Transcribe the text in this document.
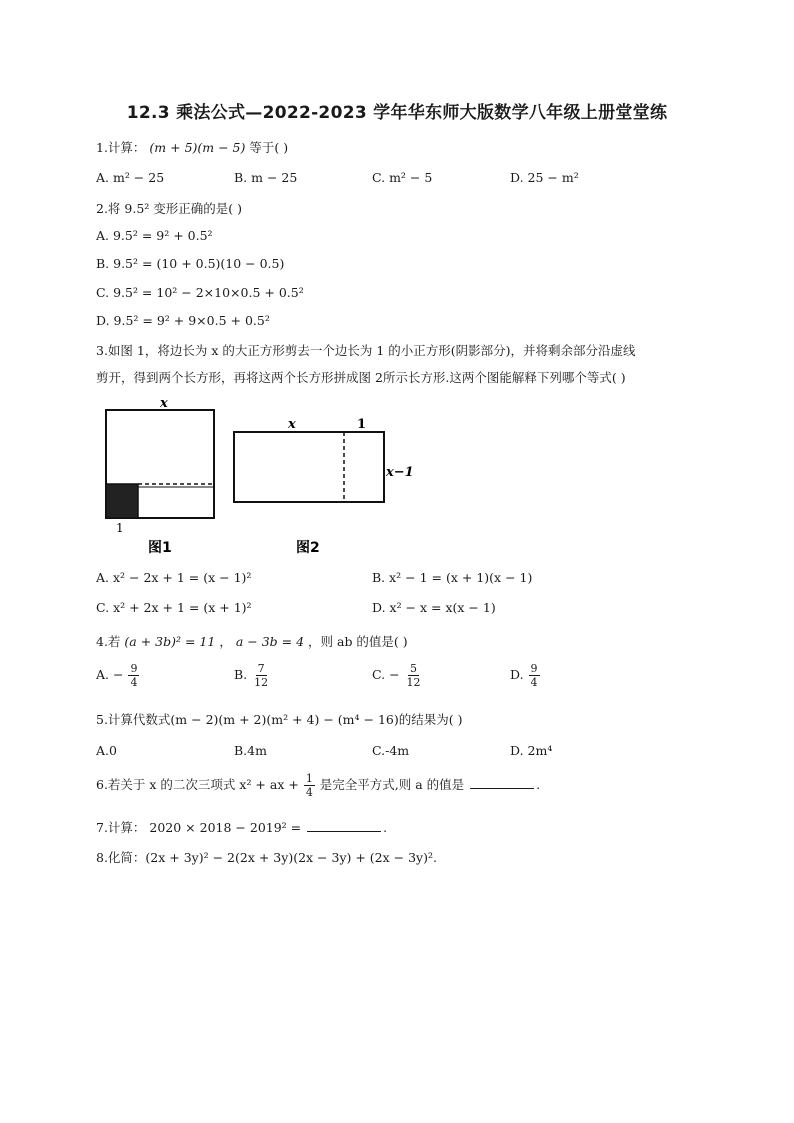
12.3 乘法公式—2022-2023 学年华东师大版数学八年级上册堂堂练
1.计算： (m + 5)(m − 5) 等于( )
A. m² − 25	B. m − 25	C. m² − 5	D. 25 − m²
2.将 9.5² 变形正确的是( )
A. 9.5² = 9² + 0.5²
B. 9.5² = (10 + 0.5)(10 − 0.5)
C. 9.5² = 10² − 2×10×0.5 + 0.5²
D. 9.5² = 9² + 9×0.5 + 0.5²
3.如图 1，将边长为 x 的大正方形剪去一个边长为 1 的小正方形(阴影部分)，并将剩余部分沿虚线
剪开，得到两个长方形，再将这两个长方形拼成图 2所示长方形.这两个图能解释下列哪个等式( )
x
1
图1
x	1
x−1
图2
A. x² − 2x + 1 = (x − 1)²	B. x² − 1 = (x + 1)(x − 1)
C. x² + 2x + 1 = (x + 1)²	D. x² − x = x(x − 1)
4.若 (a + 3b)² = 11 ， a − 3b = 4 ，则 ab 的值是( )
A. − $\frac{9}{4}$	B. $\frac{7}{12}$	C. − $\frac{5}{12}$	D. $\frac{9}{4}$
5.计算代数式(m − 2)(m + 2)(m² + 4) − (m⁴ − 16)的结果为( )
A.0	B.4m	C.-4m	D. 2m⁴
6.若关于 x 的二次三项式 x² + ax + $\frac{1}{4}$ 是完全平方式,则 a 的值是	.
7.计算： 2020 × 2018 − 2019² =	.
8.化简：(2x + 3y)² − 2(2x + 3y)(2x − 3y) + (2x − 3y)².
